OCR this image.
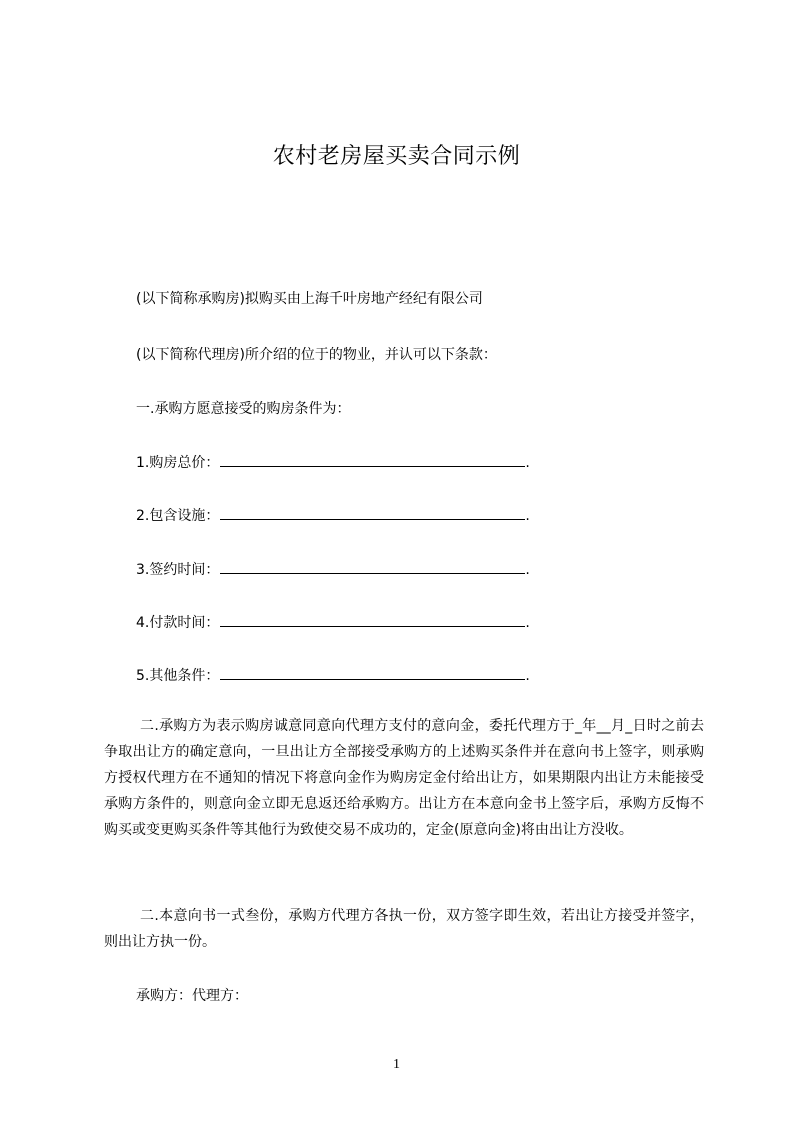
农村老房屋买卖合同示例
(以下简称承购房)拟购买由上海千叶房地产经纪有限公司
(以下简称代理房)所介绍的位于的物业，并认可以下条款：
一.承购方愿意接受的购房条件为：
1.购房总价：	.
2.包含设施：	.
3.签约时间：	.
4.付款时间：	.
5.其他条件：	.
二.承购方为表示购房诚意同意向代理方支付的意向金，委托代理方于_年__月_日时之前去争取出让方的确定意向，一旦出让方全部接受承购方的上述购买条件并在意向书上签字，则承购方授权代理方在不通知的情况下将意向金作为购房定金付给出让方，如果期限内出让方未能接受承购方条件的，则意向金立即无息返还给承购方。出让方在本意向金书上签字后，承购方反悔不购买或变更购买条件等其他行为致使交易不成功的，定金(原意向金)将由出让方没收。
二.本意向书一式叁份，承购方代理方各执一份，双方签字即生效，若出让方接受并签字，则出让方执一份。
承购方：代理方：
1
